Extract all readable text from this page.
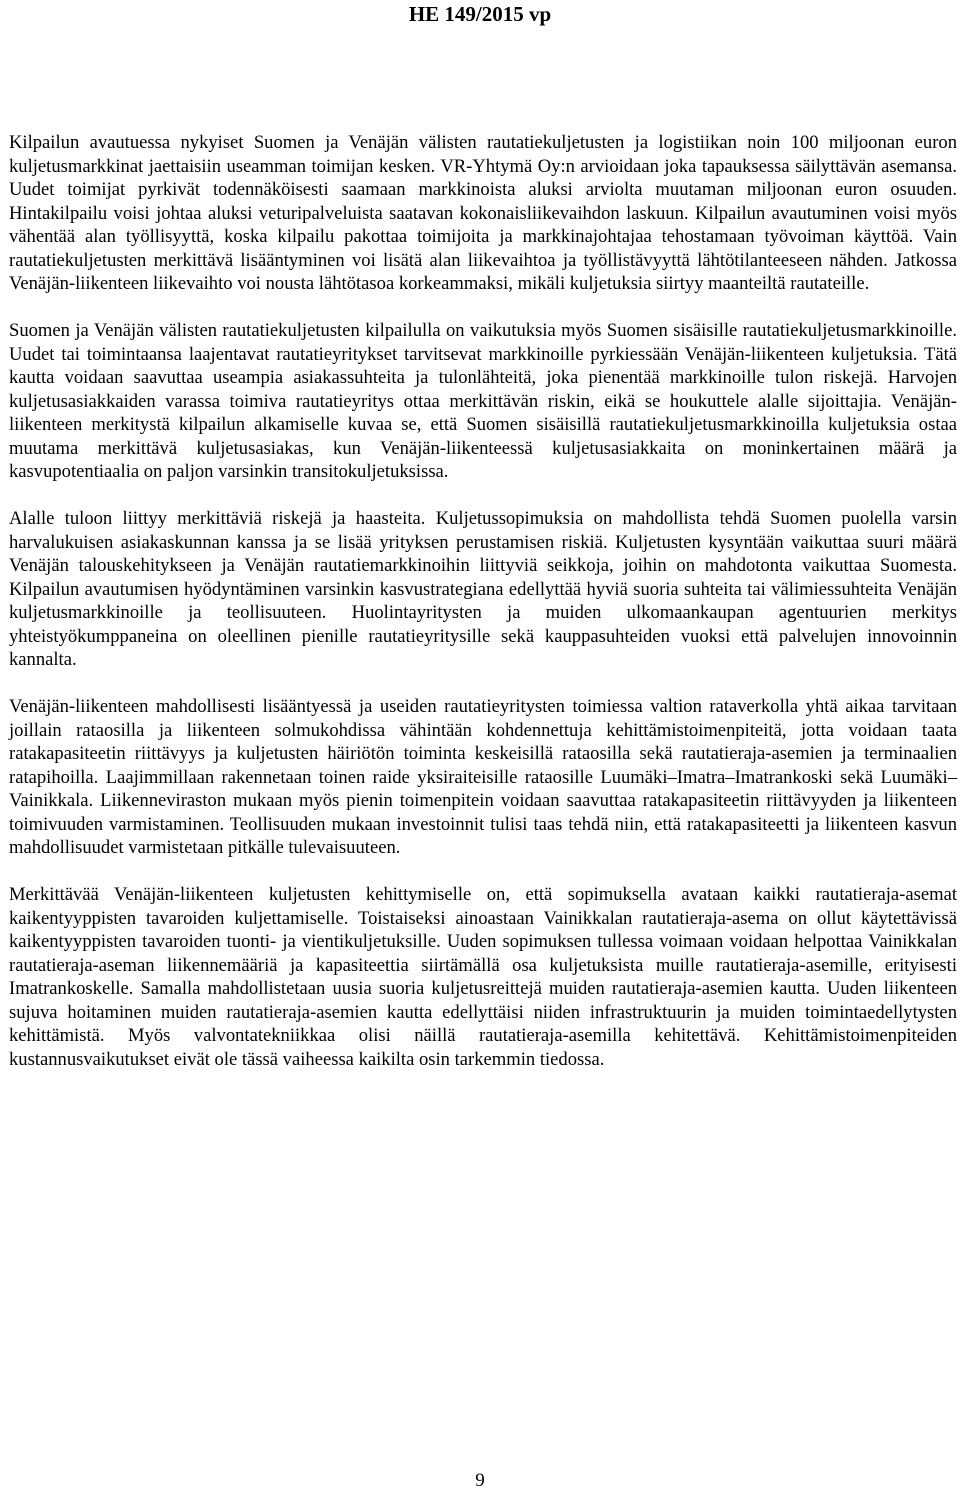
HE 149/2015 vp

Kilpailun avautuessa nykyiset Suomen ja Venäjän välisten rautatiekuljetusten ja logistiikan noin 100 miljoonan euron kuljetusmarkkinat jaettaisiin useamman toimijan kesken. VR-Yhtymä Oy:n arvioidaan joka tapauksessa säilyttävän asemansa. Uudet toimijat pyrkivät todennäköisesti saamaan markkinoista aluksi arviolta muutaman miljoonan euron osuuden. Hintakilpailu voisi johtaa aluksi veturipalveluista saatavan kokonaisliikevaihdon laskuun. Kilpailun avautuminen voisi myös vähentää alan työllisyyttä, koska kilpailu pakottaa toimijoita ja markkinajohtajaa tehostamaan työvoiman käyttöä. Vain rautatiekuljetusten merkittävä lisääntyminen voi lisätä alan liikevaihtoa ja työllistävyyttä lähtötilanteeseen nähden. Jatkossa Venäjän-liikenteen liikevaihto voi nousta lähtötasoa korkeammaksi, mikäli kuljetuksia siirtyy maanteiltä rautateille.

Suomen ja Venäjän välisten rautatiekuljetusten kilpailulla on vaikutuksia myös Suomen sisäisille rautatiekuljetusmarkkinoille. Uudet tai toimintaansa laajentavat rautatieyritykset tarvitsevat markkinoille pyrkiessään Venäjän-liikenteen kuljetuksia. Tätä kautta voidaan saavuttaa useampia asiakassuhteita ja tulonlähteitä, joka pienentää markkinoille tulon riskejä. Harvojen kuljetusasiakkaiden varassa toimiva rautatieyritys ottaa merkittävän riskin, eikä se houkuttele alalle sijoittajia. Venäjän-liikenteen merkitystä kilpailun alkamiselle kuvaa se, että Suomen sisäisillä rautatiekuljetusmarkkinoilla kuljetuksia ostaa muutama merkittävä kuljetusasiakas, kun Venäjän-liikenteessä kuljetusasiakkaita on moninkertainen määrä ja kasvupotentiaalia on paljon varsinkin transitokuljetuksissa.

Alalle tuloon liittyy merkittäviä riskejä ja haasteita. Kuljetussopimuksia on mahdollista tehdä Suomen puolella varsin harvalukuisen asiakaskunnan kanssa ja se lisää yrityksen perustamisen riskiä. Kuljetusten kysyntään vaikuttaa suuri määrä Venäjän talouskehitykseen ja Venäjän rautatiemarkkinoihin liittyviä seikkoja, joihin on mahdotonta vaikuttaa Suomesta. Kilpailun avautumisen hyödyntäminen varsinkin kasvustrategiana edellyttää hyviä suoria suhteita tai välimiessuhteita Venäjän kuljetusmarkkinoille ja teollisuuteen. Huolintayritysten ja muiden ulkomaankaupan agentuurien merkitys yhteistyökumppaneina on oleellinen pienille rautatieyritysille sekä kauppasuhteiden vuoksi että palvelujen innovoinnin kannalta.

Venäjän-liikenteen mahdollisesti lisääntyessä ja useiden rautatieyritysten toimiessa valtion rataverkolla yhtä aikaa tarvitaan joillain rataosilla ja liikenteen solmukohdissa vähintään kohdennettuja kehittämistoimenpiteitä, jotta voidaan taata ratakapasiteetin riittävyys ja kuljetusten häiriötön toiminta keskeisillä rataosilla sekä rautatieraja-asemien ja terminaalien ratapihoilla. Laajimmillaan rakennetaan toinen raide yksiraiteisille rataosille Luumäki–Imatra–Imatrankoski sekä Luumäki–Vainikkala. Liikenneviraston mukaan myös pienin toimenpitein voidaan saavuttaa ratakapasiteetin riittävyyden ja liikenteen toimivuuden varmistaminen. Teollisuuden mukaan investoinnit tulisi taas tehdä niin, että ratakapasiteetti ja liikenteen kasvun mahdollisuudet varmistetaan pitkälle tulevaisuuteen.

Merkittävää Venäjän-liikenteen kuljetusten kehittymiselle on, että sopimuksella avataan kaikki rautatieraja-asemat kaikentyyppisten tavaroiden kuljettamiselle. Toistaiseksi ainoastaan Vainikkalan rautatieraja-asema on ollut käytettävissä kaikentyyppisten tavaroiden tuonti- ja vientikuljetuksille. Uuden sopimuksen tullessa voimaan voidaan helpottaa Vainikkalan rautatieraja-aseman liikennemääriä ja kapasiteettia siirtämällä osa kuljetuksista muille rautatieraja-asemille, erityisesti Imatrankoskelle. Samalla mahdollistetaan uusia suoria kuljetusreittejä muiden rautatieraja-asemien kautta. Uuden liikenteen sujuva hoitaminen muiden rautatieraja-asemien kautta edellyttäisi niiden infrastruktuurin ja muiden toimintaedellytysten kehittämistä. Myös valvontatekniikkaa olisi näillä rautatieraja-asemilla kehitettävä. Kehittämistoimenpiteiden kustannusvaikutukset eivät ole tässä vaiheessa kaikilta osin tarkemmin tiedossa.

9
